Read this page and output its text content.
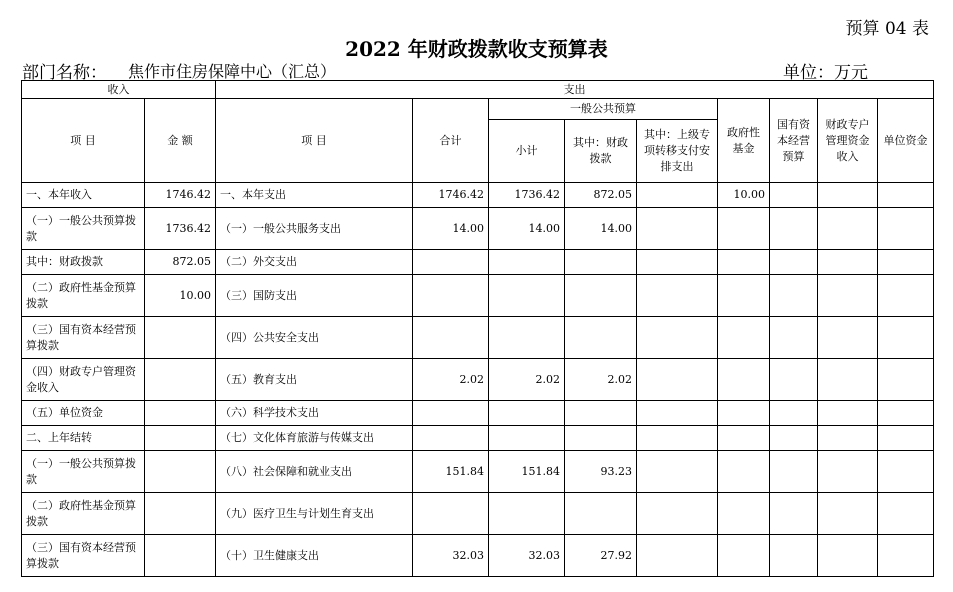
预算 04 表
2022 年财政拨款收支预算表
部门名称： 焦作市住房保障中心（汇总）	单位：万元
收入		支出								
项 目	金 额	项 目	合计	一般公共预算			政府性基金	国有资本经营预算	财政专户管理资金收入	单位资金
				小计	其中：财政拨款	其中：上级专项转移支付安排支出				
一、本年收入	1746.42	一、本年支出	1746.42	1736.42	872.05		10.00			
（一）一般公共预算拨款	1736.42	（一）一般公共服务支出	14.00	14.00	14.00					
其中：财政拨款	872.05	（二）外交支出								
（二）政府性基金预算拨款	10.00	（三）国防支出								
（三）国有资本经营预算拨款		（四）公共安全支出								
（四）财政专户管理资金收入		（五）教育支出	2.02	2.02	2.02					
（五）单位资金		（六）科学技术支出								
二、上年结转		（七）文化体育旅游与传媒支出								
（一）一般公共预算拨款		（八）社会保障和就业支出	151.84	151.84	93.23					
（二）政府性基金预算拨款		（九）医疗卫生与计划生育支出								
（三）国有资本经营预算拨款		（十）卫生健康支出	32.03	32.03	27.92					
